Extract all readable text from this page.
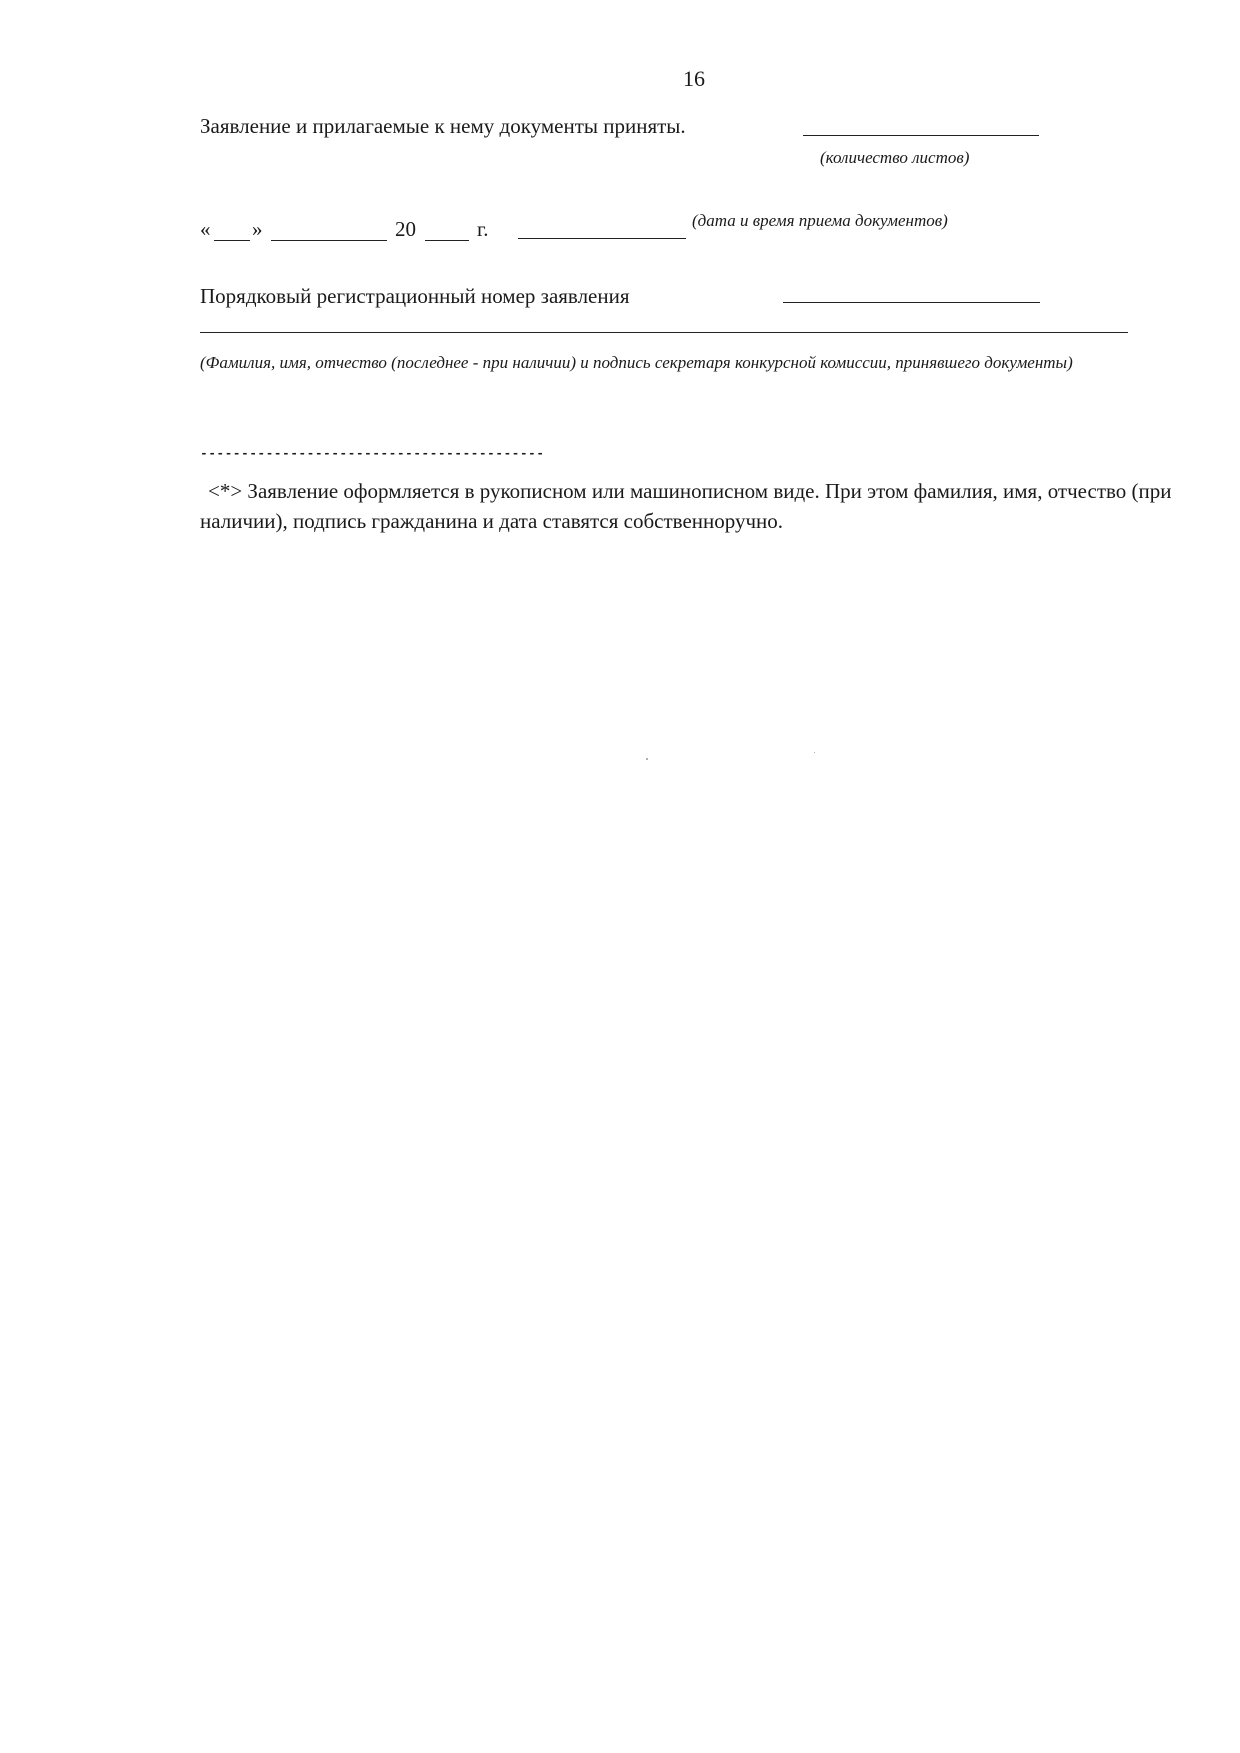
16
Заявление и прилагаемые к нему документы приняты.
(количество листов)
« »	20	г.	(дата и время приема документов)
Порядковый регистрационный номер заявления
(Фамилия, имя, отчество (последнее - при наличии) и подпись секретаря конкурсной комиссии, принявшего документы)
------------------------------------------
<*> Заявление оформляется в рукописном или машинописном виде. При этом фамилия, имя, отчество (при наличии), подпись гражданина и дата ставятся собственноручно.
